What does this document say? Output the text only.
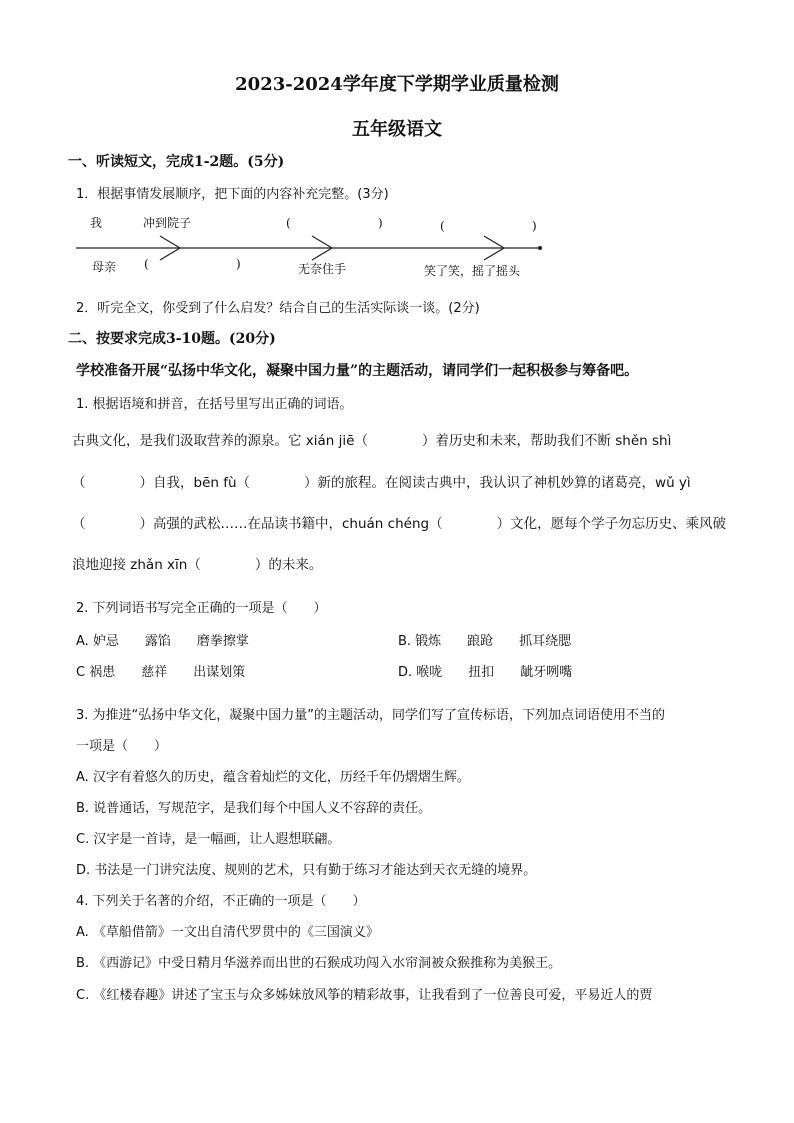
2023-2024学年度下学期学业质量检测
五年级语文
一、听读短文，完成1-2题。(5分)
1．根据事情发展顺序，把下面的内容补充完整。(3分)
我	冲到院子	(	)	(	)
母亲 (	)	无奈住手	笑了笑，摇了摇头
2．听完全文，你受到了什么启发？结合自己的生活实际谈一谈。(2分)
二、按要求完成3-10题。(20分)
学校准备开展“弘扬中华文化，凝聚中国力量”的主题活动，请同学们一起积极参与筹备吧。
1. 根据语境和拼音，在括号里写出正确的词语。
古典文化，是我们汲取营养的源泉。它 xián jiē（　　　　）着历史和未来，帮助我们不断 shěn shì
（　　　　）自我，bēn fù（　　　　）新的旅程。在阅读古典中，我认识了神机妙算的诸葛亮，wǔ yì
（　　　　）高强的武松……在品读书籍中，chuán chéng（　　　　）文化，愿每个学子勿忘历史、乘风破
浪地迎接 zhǎn xīn（　　　　）的未来。
2. 下列词语书写完全正确的一项是（　　）
A. 妒忌　　露馅　　磨拳擦掌	B. 锻炼　　踉跄　　抓耳绕腮
C 祸患　　慈祥　　出谋划策	D. 喉咙　　扭扣　　龇牙咧嘴
3. 为推进“弘扬中华文化，凝聚中国力量”的主题活动，同学们写了宣传标语，下列加点词语使用不当的
一项是（　　）
A. 汉字有着悠久的历史，蕴含着灿烂的文化，历经千年仍熠熠生辉。
B. 说普通话，写规范字，是我们每个中国人义不容辞的责任。
C. 汉字是一首诗，是一幅画，让人遐想联翩。
D. 书法是一门讲究法度、规则的艺术，只有勤于练习才能达到天衣无缝的境界。
4. 下列关于名著的介绍，不正确的一项是（　　）
A. 《草船借箭》一文出自清代罗贯中的《三国演义》
B. 《西游记》中受日精月华滋养而出世的石猴成功闯入水帘洞被众猴推称为美猴王。
C. 《红楼春趣》讲述了宝玉与众多姊妹放风筝的精彩故事，让我看到了一位善良可爱，平易近人的贾
